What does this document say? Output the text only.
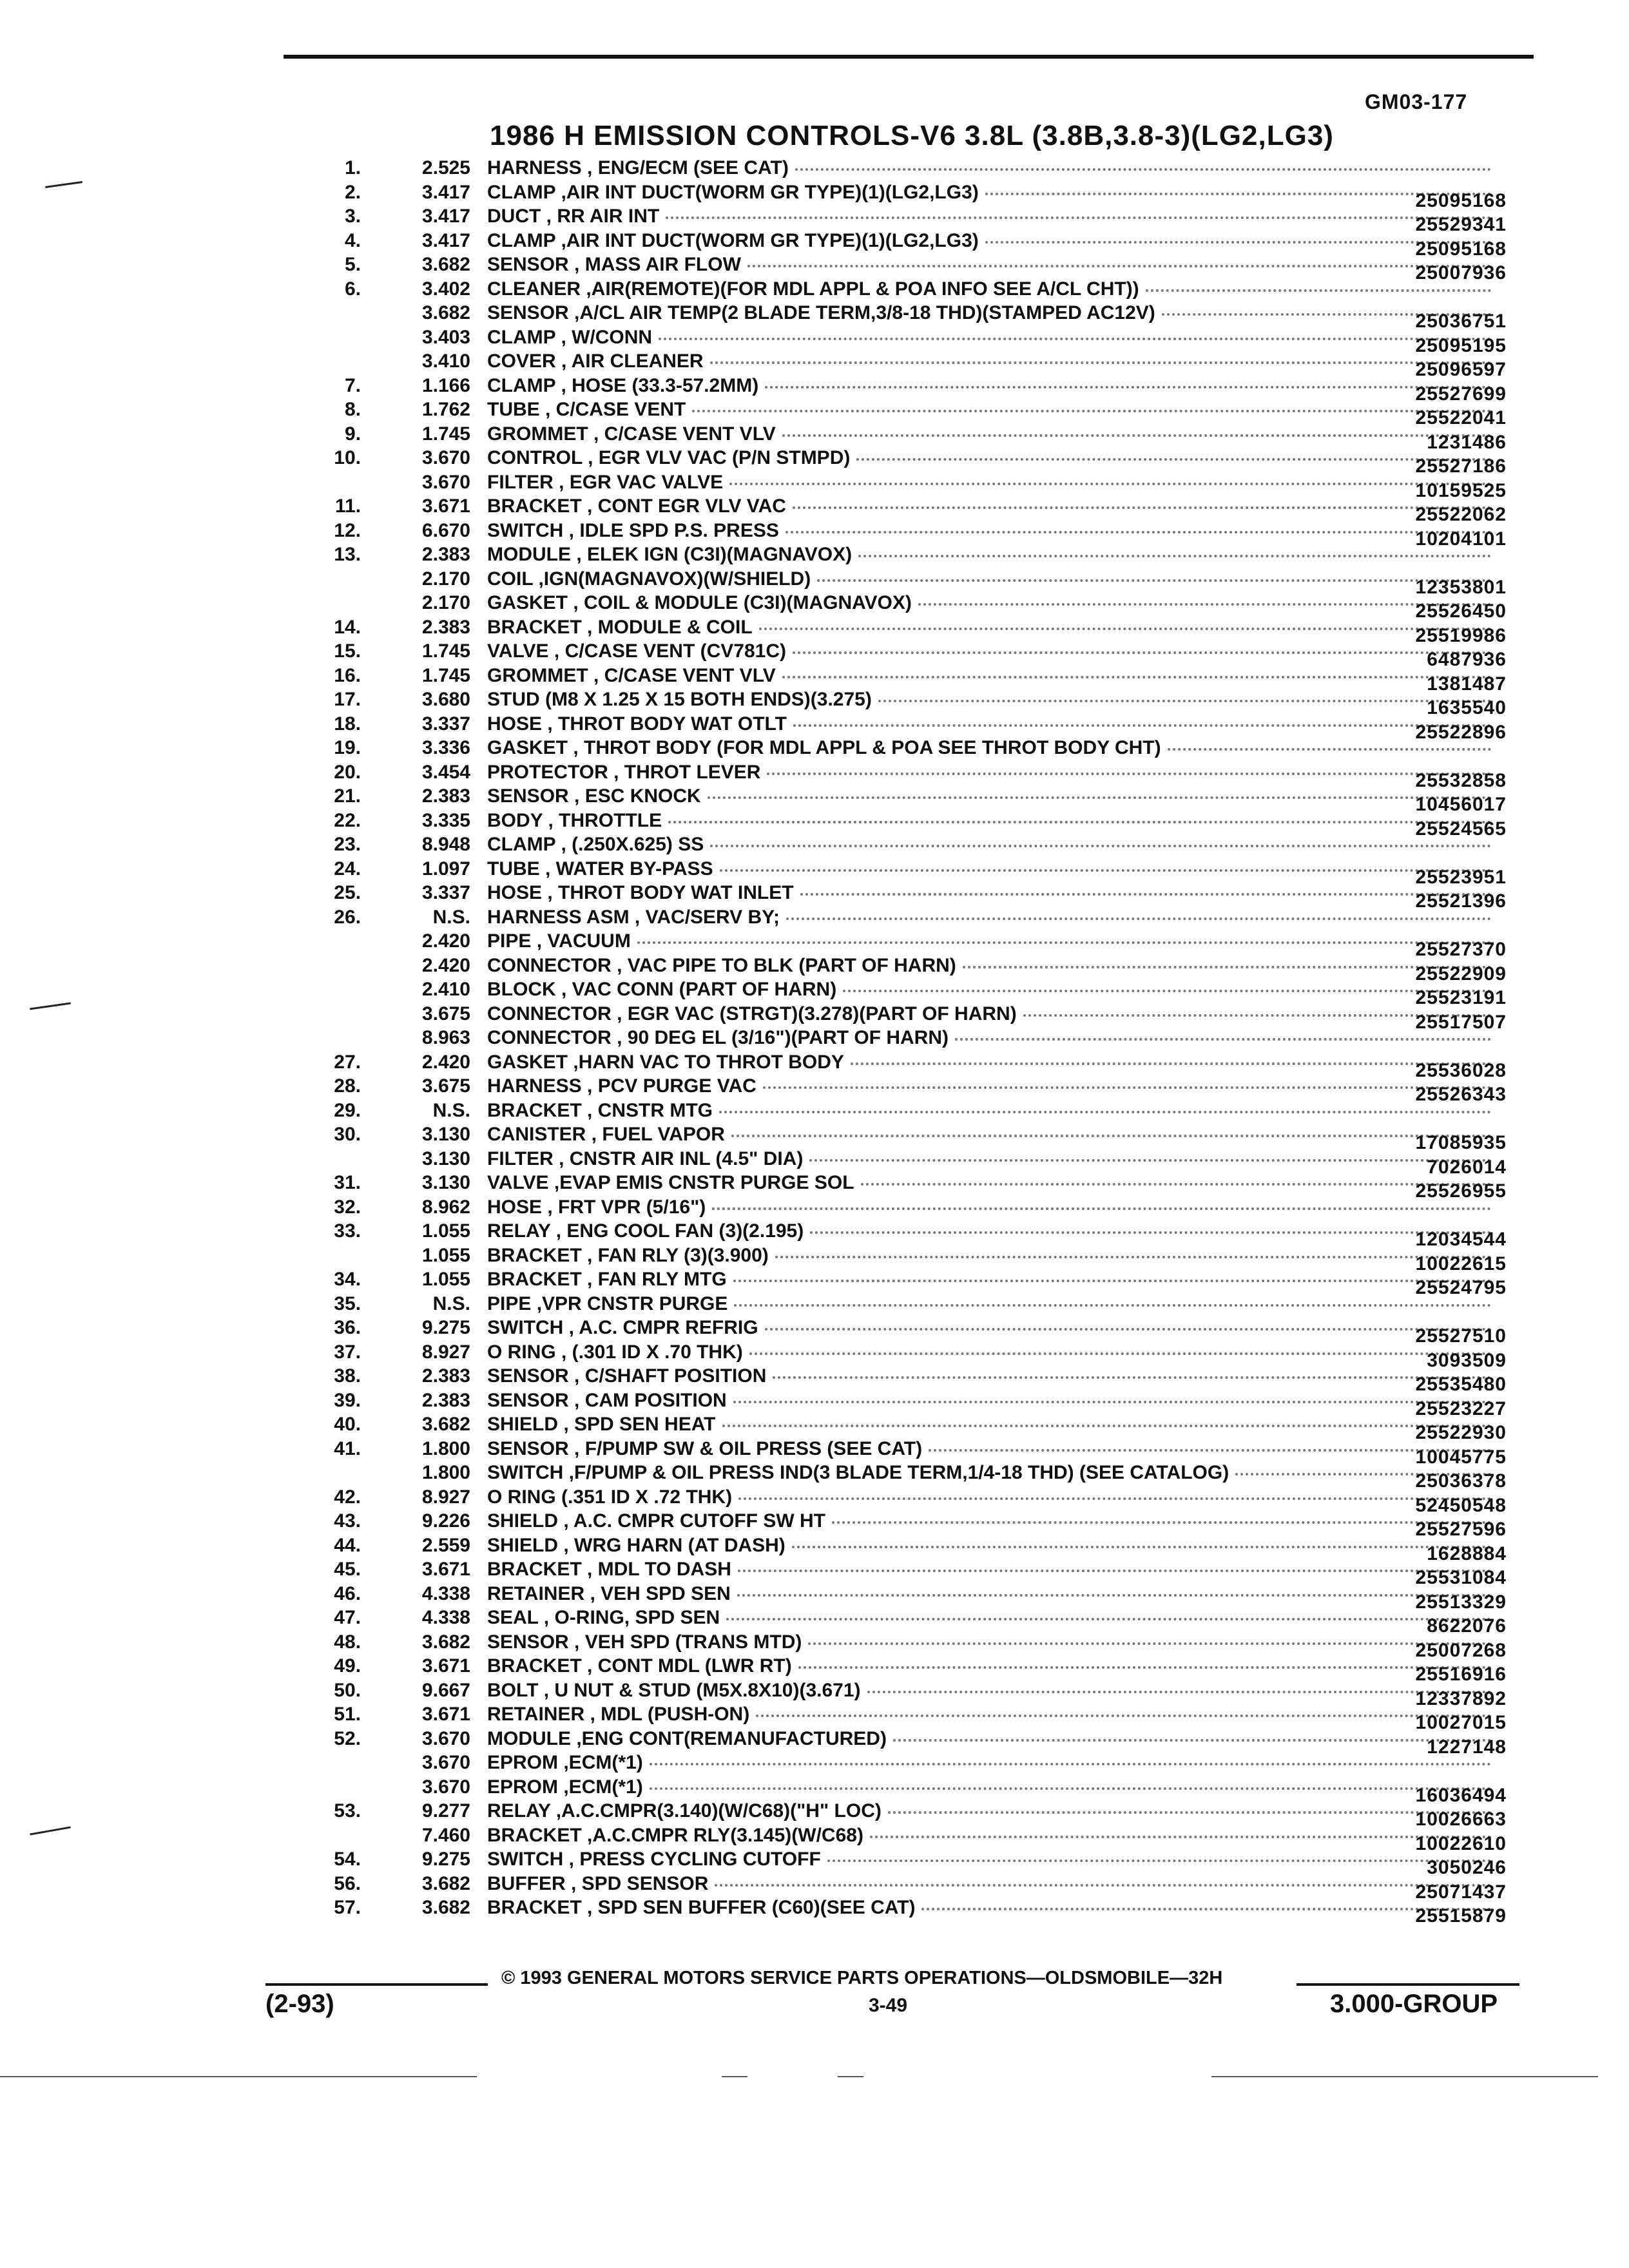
GM03-177
1986 H EMISSION CONTROLS-V6 3.8L (3.8B,3.8-3)(LG2,LG3)
1.	2.525 HARNESS , ENG/ECM (SEE CAT)
2.	3.417 CLAMP ,AIR INT DUCT(WORM GR TYPE)(1)(LG2,LG3)	25095168
3.	3.417 DUCT , RR AIR INT	25529341
4.	3.417 CLAMP ,AIR INT DUCT(WORM GR TYPE)(1)(LG2,LG3)	25095168
5.	3.682 SENSOR , MASS AIR FLOW	25007936
6.	3.402 CLEANER ,AIR(REMOTE)(FOR MDL APPL & POA INFO SEE A/CL CHT))
3.682 SENSOR ,A/CL AIR TEMP(2 BLADE TERM,3/8-18 THD)(STAMPED AC12V)	25036751
3.403 CLAMP , W/CONN	25095195
3.410 COVER , AIR CLEANER	25096597
7.	1.166 CLAMP , HOSE (33.3-57.2MM)	25527699
8.	1.762 TUBE , C/CASE VENT	25522041
9.	1.745 GROMMET , C/CASE VENT VLV	1231486
10.	3.670 CONTROL , EGR VLV VAC (P/N STMPD)	25527186
3.670 FILTER , EGR VAC VALVE	10159525
11.	3.671 BRACKET , CONT EGR VLV VAC	25522062
12.	6.670 SWITCH , IDLE SPD P.S. PRESS	10204101
13.	2.383 MODULE , ELEK IGN (C3I)(MAGNAVOX)
2.170 COIL ,IGN(MAGNAVOX)(W/SHIELD)	12353801
2.170 GASKET , COIL & MODULE (C3I)(MAGNAVOX)	25526450
14.	2.383 BRACKET , MODULE & COIL	25519986
15.	1.745 VALVE , C/CASE VENT (CV781C)	6487936
16.	1.745 GROMMET , C/CASE VENT VLV	1381487
17.	3.680 STUD (M8 X 1.25 X 15 BOTH ENDS)(3.275)	1635540
18.	3.337 HOSE , THROT BODY WAT OTLT	25522896
19.	3.336 GASKET , THROT BODY (FOR MDL APPL & POA SEE THROT BODY CHT)
20.	3.454 PROTECTOR , THROT LEVER	25532858
21.	2.383 SENSOR , ESC KNOCK	10456017
22.	3.335 BODY , THROTTLE	25524565
23.	8.948 CLAMP , (.250X.625) SS
24.	1.097 TUBE , WATER BY-PASS	25523951
25.	3.337 HOSE , THROT BODY WAT INLET	25521396
26.	N.S. HARNESS ASM , VAC/SERV BY;
2.420 PIPE , VACUUM	25527370
2.420 CONNECTOR , VAC PIPE TO BLK (PART OF HARN)	25522909
2.410 BLOCK , VAC CONN (PART OF HARN)	25523191
3.675 CONNECTOR , EGR VAC (STRGT)(3.278)(PART OF HARN)	25517507
8.963 CONNECTOR , 90 DEG EL (3/16")(PART OF HARN)
27.	2.420 GASKET ,HARN VAC TO THROT BODY	25536028
28.	3.675 HARNESS , PCV PURGE VAC	25526343
29.	N.S. BRACKET , CNSTR MTG
30.	3.130 CANISTER , FUEL VAPOR	17085935
3.130 FILTER , CNSTR AIR INL (4.5" DIA)	7026014
31.	3.130 VALVE ,EVAP EMIS CNSTR PURGE SOL	25526955
32.	8.962 HOSE , FRT VPR (5/16")
33.	1.055 RELAY , ENG COOL FAN (3)(2.195)	12034544
1.055 BRACKET , FAN RLY (3)(3.900)	10022615
34.	1.055 BRACKET , FAN RLY MTG	25524795
35.	N.S. PIPE ,VPR CNSTR PURGE
36.	9.275 SWITCH , A.C. CMPR REFRIG	25527510
37.	8.927 O RING , (.301 ID X .70 THK)	3093509
38.	2.383 SENSOR , C/SHAFT POSITION	25535480
39.	2.383 SENSOR , CAM POSITION	25523227
40.	3.682 SHIELD , SPD SEN HEAT	25522930
41.	1.800 SENSOR , F/PUMP SW & OIL PRESS (SEE CAT)	10045775
1.800 SWITCH ,F/PUMP & OIL PRESS IND(3 BLADE TERM,1/4-18 THD) (SEE CATALOG)	25036378
42.	8.927 O RING (.351 ID X .72 THK)	52450548
43.	9.226 SHIELD , A.C. CMPR CUTOFF SW HT	25527596
44.	2.559 SHIELD , WRG HARN (AT DASH)	1628884
45.	3.671 BRACKET , MDL TO DASH	25531084
46.	4.338 RETAINER , VEH SPD SEN	25513329
47.	4.338 SEAL , O-RING, SPD SEN	8622076
48.	3.682 SENSOR , VEH SPD (TRANS MTD)	25007268
49.	3.671 BRACKET , CONT MDL (LWR RT)	25516916
50.	9.667 BOLT , U NUT & STUD (M5X.8X10)(3.671)	12337892
51.	3.671 RETAINER , MDL (PUSH-ON)	10027015
52.	3.670 MODULE ,ENG CONT(REMANUFACTURED)	1227148
3.670 EPROM ,ECM(*1)
3.670 EPROM ,ECM(*1)	16036494
53.	9.277 RELAY ,A.C.CMPR(3.140)(W/C68)("H" LOC)	10026663
7.460 BRACKET ,A.C.CMPR RLY(3.145)(W/C68)	10022610
54.	9.275 SWITCH , PRESS CYCLING CUTOFF	3050246
56.	3.682 BUFFER , SPD SENSOR	25071437
57.	3.682 BRACKET , SPD SEN BUFFER (C60)(SEE CAT)	25515879
© 1993 GENERAL MOTORS SERVICE PARTS OPERATIONS—OLDSMOBILE—32H
(2-93)	3-49	3.000-GROUP
